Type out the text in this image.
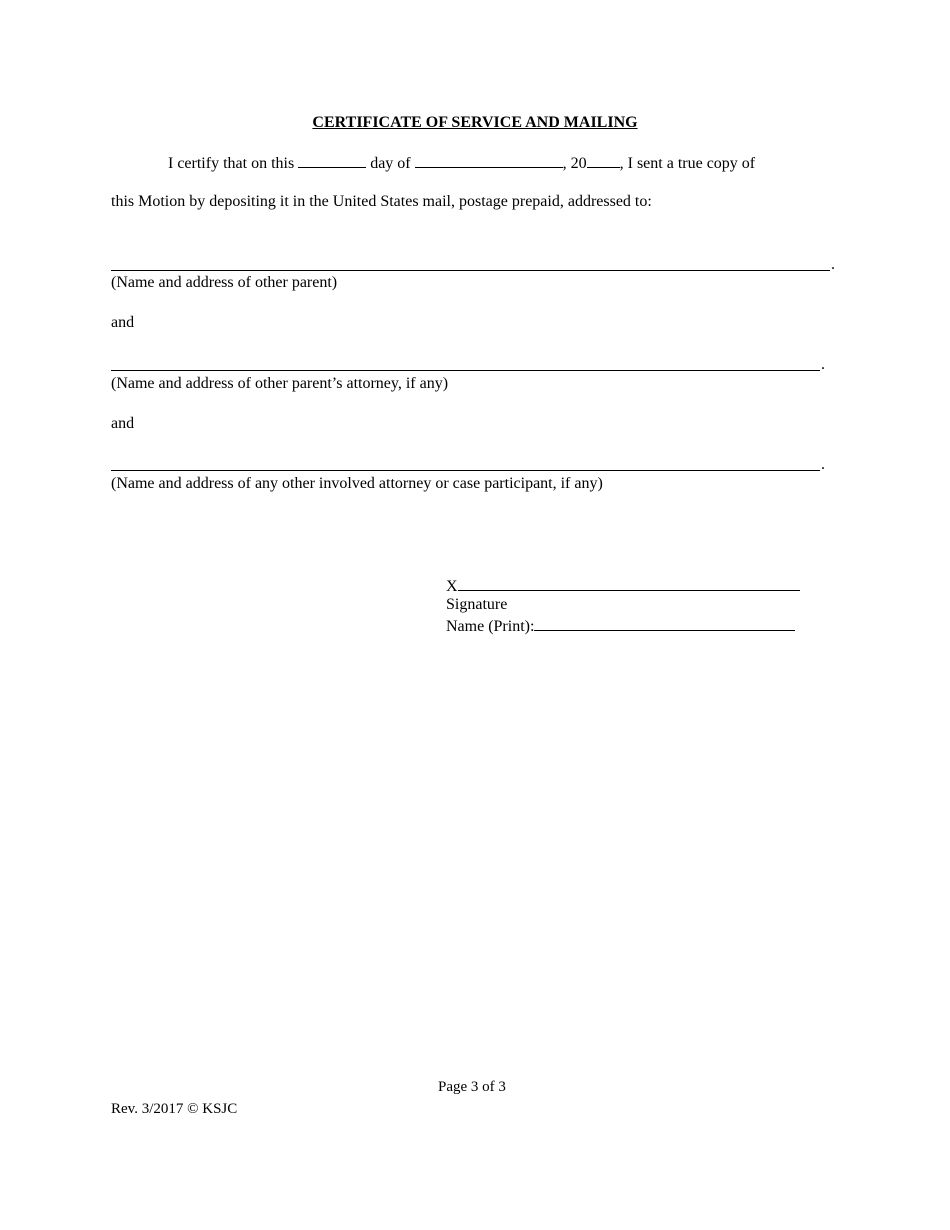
CERTIFICATE OF SERVICE AND MAILING
I certify that on this	day of	, 20 , I sent a true copy of
this Motion by depositing it in the United States mail, postage prepaid, addressed to:
.
(Name and address of other parent)
and
.
(Name and address of other parent’s attorney, if any)
and
.
(Name and address of any other involved attorney or case participant, if any)
X
Signature
Name (Print):
Page 3 of 3
Rev. 3/2017 © KSJC
